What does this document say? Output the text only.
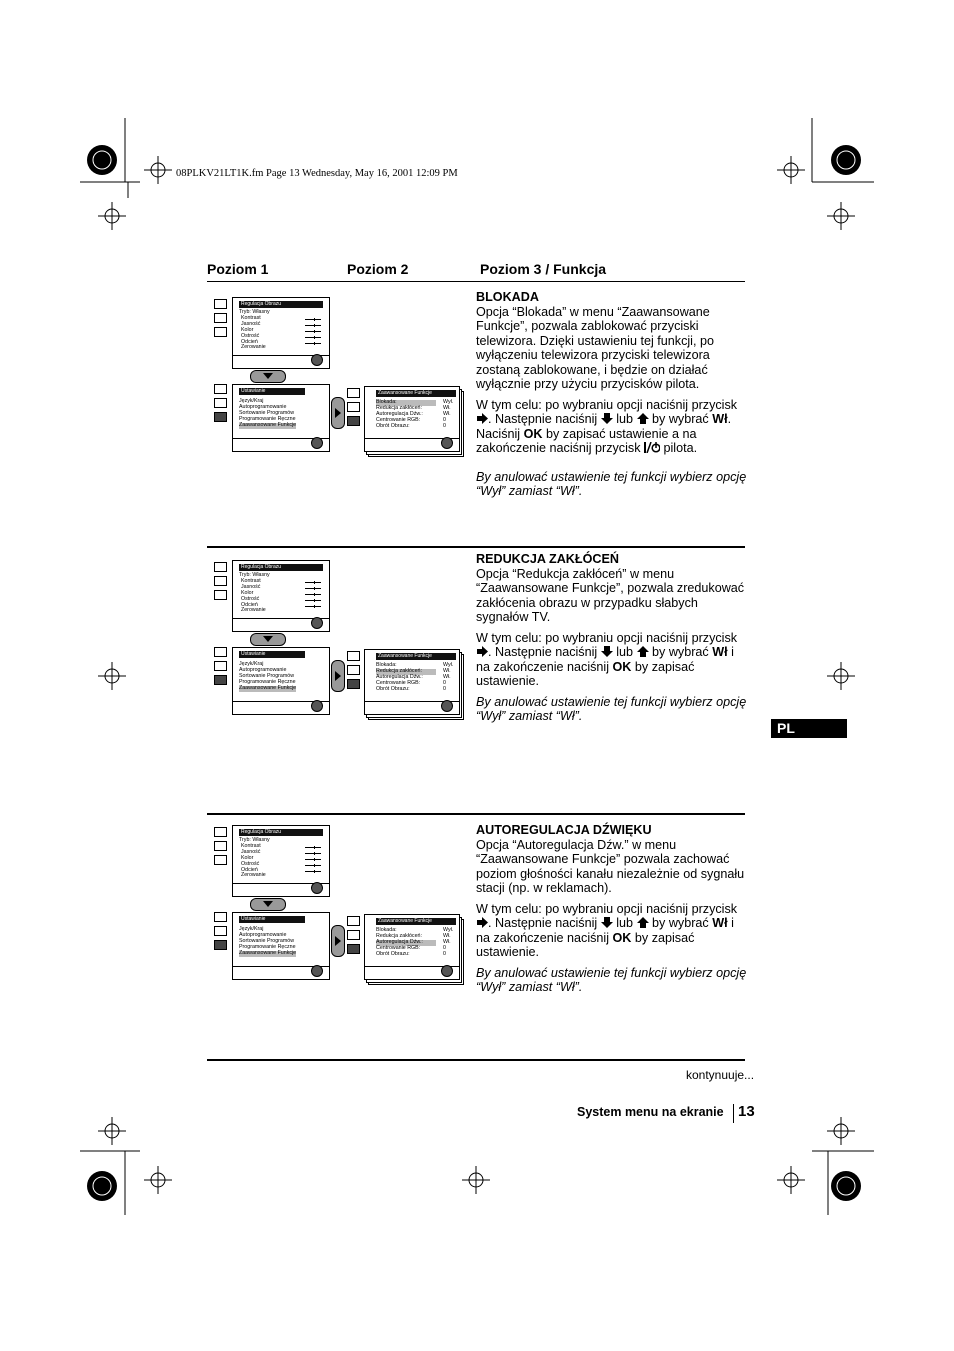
08PLKV21LT1K.fm Page 13 Wednesday, May 16, 2001 12:09 PM
Poziom 1	Poziom 2	Poziom 3 / Funkcja
Regulacja Obrazu
Tryb: Własny
Kontrast
Jasność
Kolor
Ostrość
Odcień
Zerowanie
Ustawianie
Język/Kraj
Autoprogramowanie
Sortowanie Programów
Programowanie Ręczne
Zaawansowane Funkcje
Zaawansowane Funkcje
Blokada:
Redukcja zakłóceń:
Autoregulacja Dźw.:
Centrowanie RGB:
Obrót Obrazu:
Wył.
Wł.
Wł.
0
0
Regulacja Obrazu
Tryb: Własny
Kontrast
Jasność
Kolor
Ostrość
Odcień
Zerowanie
Ustawianie
Język/Kraj
Autoprogramowanie
Sortowanie Programów
Programowanie Ręczne
Zaawansowane Funkcje
Zaawansowane Funkcje
Blokada:
Redukcja zakłóceń:
Autoregulacja Dźw.:
Centrowanie RGB:
Obrót Obrazu:
Wył.
Wł.
Wł.
0
0
Regulacja Obrazu
Tryb: Własny
Kontrast
Jasność
Kolor
Ostrość
Odcień
Zerowanie
Ustawianie
Język/Kraj
Autoprogramowanie
Sortowanie Programów
Programowanie Ręczne
Zaawansowane Funkcje
Zaawansowane Funkcje
Blokada:
Redukcja zakłóceń:
Autoregulacja Dźw.:
Centrowanie RGB:
Obrót Obrazu:
Wył.
Wł.
Wł.
0
0
BLOKADA

Opcja “Blokada” w menu “Zaawansowane Funkcje”, pozwala zablokować przyciski telewizora. Dzięki ustawieniu tej funkcji, po wyłączeniu telewizora przyciski telewizora zostaną zablokowane, i będzie on działać wyłącznie przy użyciu przycisków pilota.

W tym celu: po wybraniu opcji naciśnij przycisk . Następnie naciśnij lub by wybrać Wł. Naciśnij OK by zapisać ustawienie a na zakończenie naciśnij przycisk pilota.

By anulować ustawienie tej funkcji wybierz opcję “Wył” zamiast “Wł”.

REDUKCJA ZAKŁÓCEŃ

Opcja “Redukcja zakłóceń” w menu “Zaawansowane Funkcje”, pozwala zredukować zakłócenia obrazu w przypadku słabych sygnałów TV.

W tym celu: po wybraniu opcji naciśnij przycisk . Następnie naciśnij lub by wybrać Wł i na zakończenie naciśnij OK by zapisać ustawienie.

By anulować ustawienie tej funkcji wybierz opcję “Wył” zamiast “Wł”.

AUTOREGULACJA DŹWIĘKU

Opcja “Autoregulacja Dźw.” w menu “Zaawansowane Funkcje” pozwala zachować poziom głośności kanału niezależnie od sygnału stacji (np. w reklamach).

W tym celu: po wybraniu opcji naciśnij przycisk . Następnie naciśnij lub by wybrać Wł i na zakończenie naciśnij OK by zapisać ustawienie.

By anulować ustawienie tej funkcji wybierz opcję “Wył” zamiast “Wł”.

PL
kontynuuje...
System menu na ekranie 13
